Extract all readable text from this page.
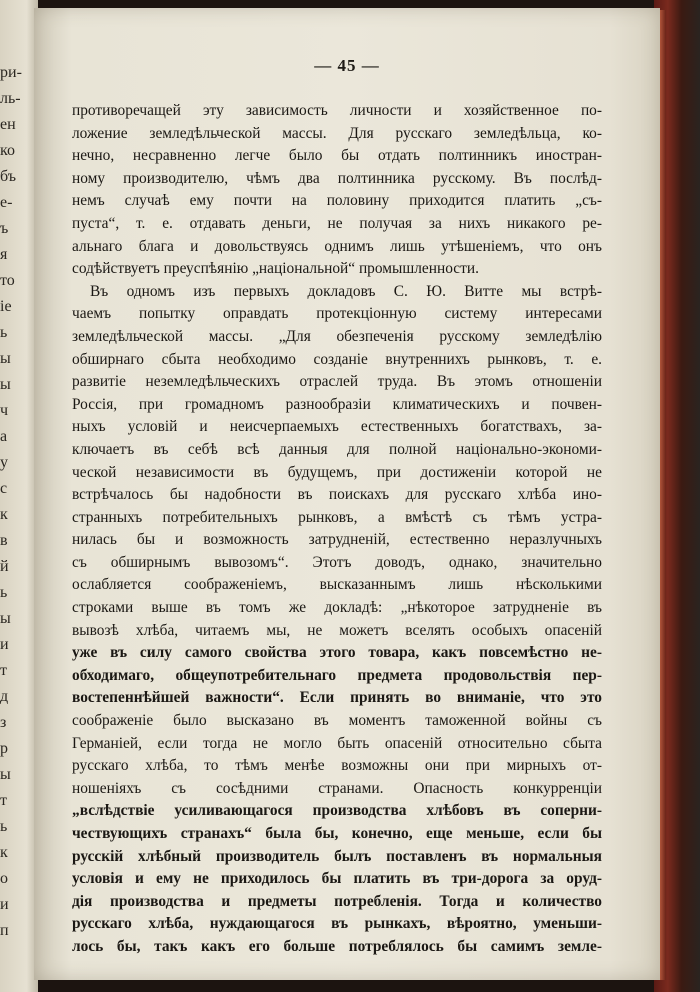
ри-
ль-
ен
ко
бъ
е-
ъ
я
то
іе
ь
ы
ы
ч
а
у
с
к
в
й
ь
ы
и
т
д
з
р
ы
т
ь
к
о
и
п
— 45 —
противоречащей эту зависимость личности и хозяйственное по-
ложение земледѣльческой массы. Для русскаго земледѣльца, ко-
нечно, несравненно легче было бы отдать полтинникъ иностран-
ному производителю, чѣмъ два полтинника русскому. Въ послѣд-
немъ случаѣ ему почти на половину приходится платить „съ-
пуста“, т. е. отдавать деньги, не получая за нихъ никакого ре-
альнаго блага и довольствуясь однимъ лишь утѣшеніемъ, что онъ
содѣйствуетъ преуспѣянію „національной“ промышленности.
Въ одномъ изъ первыхъ докладовъ С. Ю. Витте мы встрѣ-
чаемъ попытку оправдать протекціонную систему интересами
земледѣльческой массы. „Для обезпеченія русскому земледѣлію
обширнаго сбыта необходимо созданіе внутреннихъ рынковъ, т. е.
развитіе неземледѣльческихъ отраслей труда. Въ этомъ отношеніи
Россія, при громадномъ разнообразіи климатическихъ и почвен-
ныхъ условій и неисчерпаемыхъ естественныхъ богатствахъ, за-
ключаетъ въ себѣ всѣ данныя для полной національно-экономи-
ческой независимости въ будущемъ, при достиженіи которой не
встрѣчалось бы надобности въ поискахъ для русскаго хлѣба ино-
странныхъ потребительныхъ рынковъ, а вмѣстѣ съ тѣмъ устра-
нилась бы и возможность затрудненій, естественно неразлучныхъ
съ обширнымъ вывозомъ“. Этотъ доводъ, однако, значительно
ослабляется соображеніемъ, высказаннымъ лишь нѣсколькими
строками выше въ томъ же докладѣ: „нѣкоторое затрудненіе въ
вывозѣ хлѣба, читаемъ мы, не можетъ вселять особыхъ опасеній
уже въ силу самого свойства этого товара, какъ повсемѣстно не-
обходимаго, общеупотребительнаго предмета продовольствія пер-
востепеннѣйшей важности“. Если принять во вниманіе, что это
соображеніе было высказано въ моментъ таможенной войны съ
Германіей, если тогда не могло быть опасеній относительно сбыта
русскаго хлѣба, то тѣмъ менѣе возможны они при мирныхъ от-
ношеніяхъ съ сосѣдними странами. Опасность конкурренціи
„вслѣдствіе усиливающагося производства хлѣбовъ въ соперни-
чествующихъ странахъ“ была бы, конечно, еще меньше, если бы
русскій хлѣбный производитель былъ поставленъ въ нормальныя
условія и ему не приходилось бы платить въ три-дорога за оруд-
дія производства и предметы потребленія. Тогда и количество
русскаго хлѣба, нуждающагося въ рынкахъ, вѣроятно, уменьши-
лось бы, такъ какъ его больше потреблялось бы самимъ земле-
